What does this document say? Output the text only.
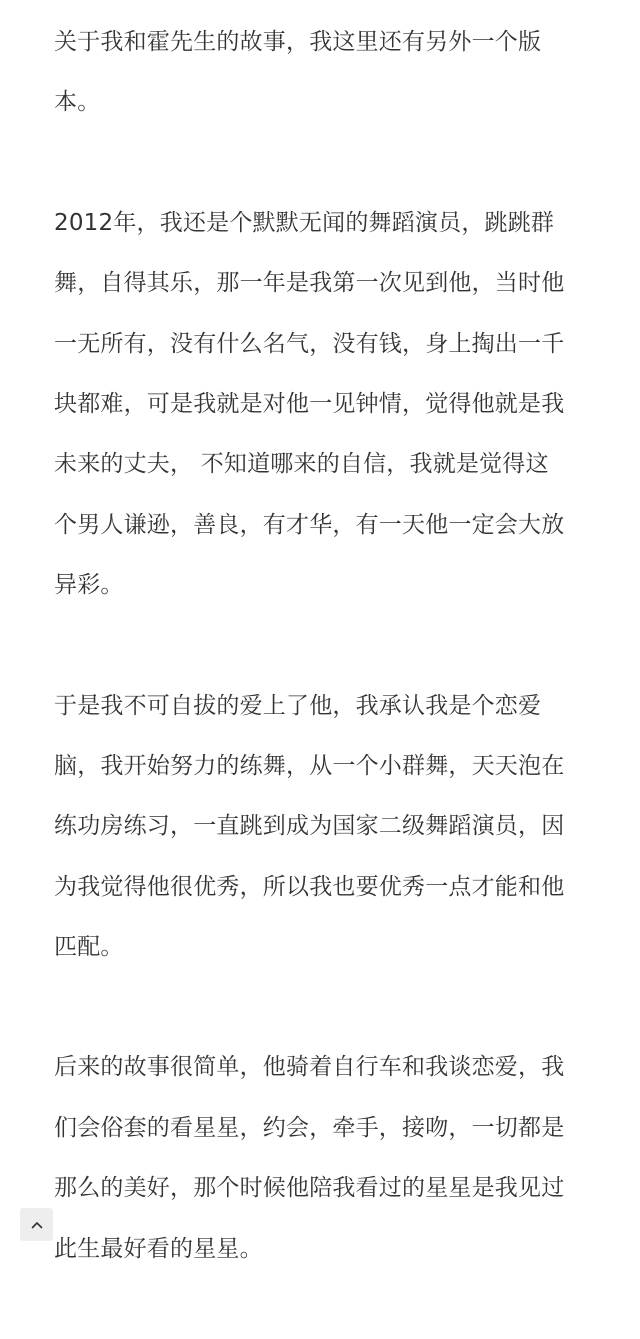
关于我和霍先生的故事，我这里还有另外一个版
本。
2012年，我还是个默默无闻的舞蹈演员，跳跳群
舞，自得其乐，那一年是我第一次见到他，当时他
一无所有，没有什么名气，没有钱，身上掏出一千
块都难，可是我就是对他一见钟情，觉得他就是我
未来的丈夫， 不知道哪来的自信，我就是觉得这
个男人谦逊，善良，有才华，有一天他一定会大放
异彩。
于是我不可自拔的爱上了他，我承认我是个恋爱
脑，我开始努力的练舞，从一个小群舞，天天泡在
练功房练习，一直跳到成为国家二级舞蹈演员，因
为我觉得他很优秀，所以我也要优秀一点才能和他
匹配。
后来的故事很简单，他骑着自行车和我谈恋爱，我
们会俗套的看星星，约会，牵手，接吻，一切都是
那么的美好，那个时候他陪我看过的星星是我见过
此生最好看的星星。
